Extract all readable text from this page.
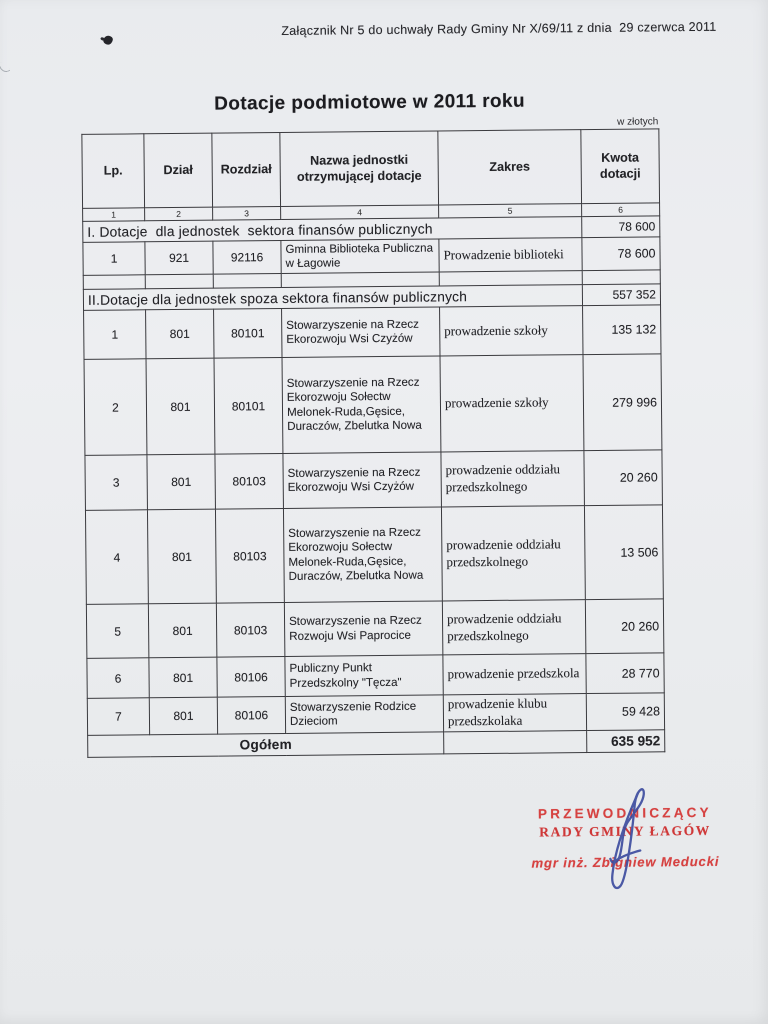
Załącznik Nr 5 do uchwały Rady Gminy Nr X/69/11 z dnia  29 czerwca 2011
Dotacje podmiotowe w 2011 roku
w złotych
Lp.	Dział	Rozdział	Nazwa jednostki otrzymującej dotacje	Zakres	Kwota dotacji
1	2	3	4	5	6
I. Dotacje  dla jednostek  sektora finansów publicznych					78 600
1	921	92116	Gminna Biblioteka Publiczna w Łagowie	Prowadzenie biblioteki	78 600

II.Dotacje dla jednostek spoza sektora finansów publicznych					557 352
1	801	80101	Stowarzyszenie na Rzecz Ekorozwoju Wsi Czyżów	prowadzenie szkoły	135 132
2	801	80101	Stowarzyszenie na Rzecz Ekorozwoju Sołectw Melonek-Ruda,Gęsice, Duraczów, Zbelutka Nowa	prowadzenie szkoły	279 996
3	801	80103	Stowarzyszenie na Rzecz Ekorozwoju Wsi Czyżów	prowadzenie oddziału przedszkolnego	20 260
4	801	80103	Stowarzyszenie na Rzecz Ekorozwoju Sołectw Melonek-Ruda,Gęsice, Duraczów, Zbelutka Nowa	prowadzenie oddziału przedszkolnego	13 506
5	801	80103	Stowarzyszenie na Rzecz Rozwoju Wsi Paprocice	prowadzenie oddziału przedszkolnego	20 260
6	801	80106	Publiczny Punkt Przedszkolny "Tęcza"	prowadzenie przedszkola	28 770
7	801	80106	Stowarzyszenie Rodzice Dzieciom	prowadzenie klubu przedszkolaka	59 428
Ogółem					635 952
PRZEWODNICZĄCY
RADY GMINY ŁAGÓW
mgr inż. Zbigniew Meducki
